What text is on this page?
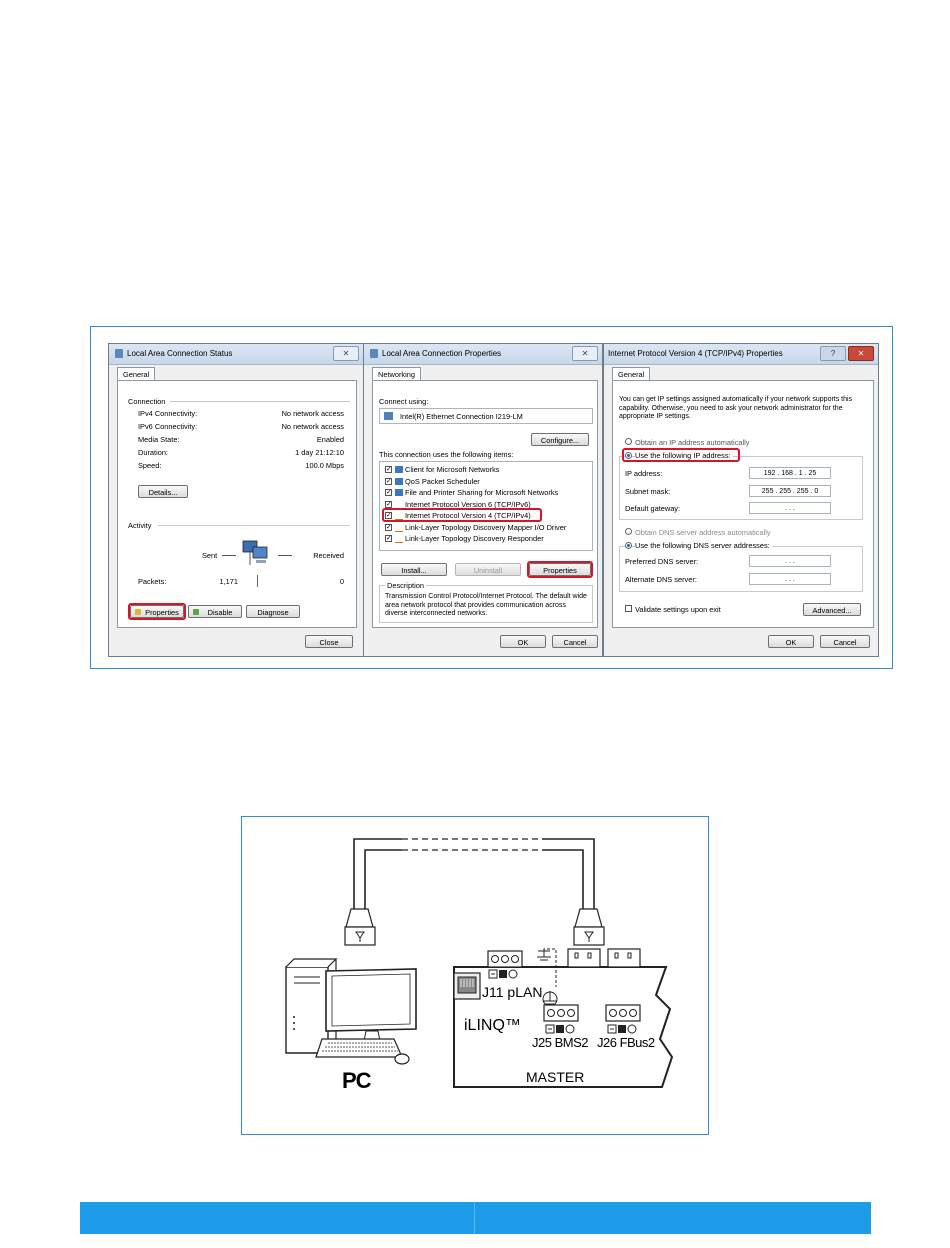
Local Area Connection Status	✕
General
Connection
IPv4 Connectivity:	No network access
IPv6 Connectivity:	No network access
Media State:	Enabled
Duration:	1 day 21:12:10
Speed:	100.0 Mbps
Details...
Activity
Sent	Received
Packets:	1,171	0
Properties	Disable	Diagnose
Close
Local Area Connection Properties	✕
Networking
Connect using:
Intel(R) Ethernet Connection I219-LM
Configure...
This connection uses the following items:
✓ Client for Microsoft Networks
✓ QoS Packet Scheduler
✓ File and Printer Sharing for Microsoft Networks
✓ Internet Protocol Version 6 (TCP/IPv6)
✓ Internet Protocol Version 4 (TCP/IPv4)
✓ Link-Layer Topology Discovery Mapper I/O Driver
✓ Link-Layer Topology Discovery Responder
Install...	Uninstall	Properties
Description
Transmission Control Protocol/Internet Protocol. The default wide area network protocol that provides communication across diverse interconnected networks.
OK	Cancel
Internet Protocol Version 4 (TCP/IPv4) Properties	?	✕
General
You can get IP settings assigned automatically if your network supports this capability. Otherwise, you need to ask your network administrator for the appropriate IP settings.
Obtain an IP address automatically
Use the following IP address:
IP address:	192 . 168 . 1 . 25
Subnet mask:	255 . 255 . 255 . 0
Default gateway:	. . .
Obtain DNS server address automatically
Use the following DNS server addresses:
Preferred DNS server:	. . .
Alternate DNS server:	. . .
Validate settings upon exit	Advanced...
OK	Cancel
PC
J11 pLAN
iLINQ™
J25 BMS2 J26 FBus2
MASTER
